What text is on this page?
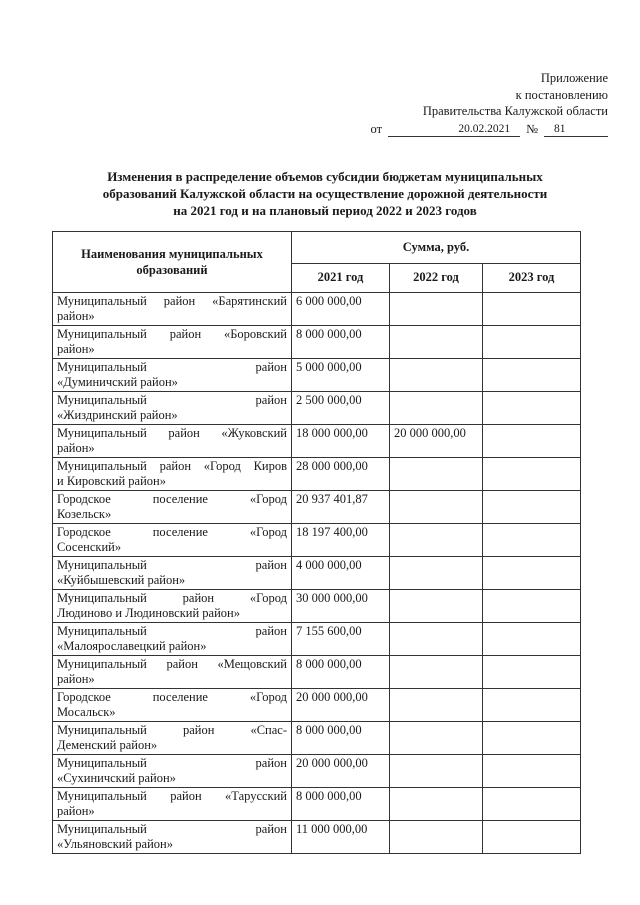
Приложение
к постановлению
Правительства Калужской области
от	20.02.2021	№	81
Изменения в распределение объемов субсидии бюджетам муниципальных
образований Калужской области на осуществление дорожной деятельности
на 2021 год и на плановый период 2022 и 2023 годов
Наименования муниципальных образований	Сумма, руб.		
	2021 год	2022 год	2023 год

Муниципальный район «Барятинский
район»	6 000 000,00		

Муниципальный район «Боровский
район»	8 000 000,00		

Муниципальный район
«Думиничский район»	5 000 000,00		

Муниципальный район
«Жиздринский район»	2 500 000,00		

Муниципальный район «Жуковский
район»	18 000 000,00	20 000 000,00	

Муниципальный район «Город Киров
и Кировский район»	28 000 000,00		

Городское поселение «Город
Козельск»	20 937 401,87		

Городское поселение «Город
Сосенский»	18 197 400,00		

Муниципальный район
«Куйбышевский район»	4 000 000,00		

Муниципальный район «Город
Людиново и Людиновский район»	30 000 000,00		

Муниципальный район
«Малоярославецкий район»	7 155 600,00		

Муниципальный район «Мещовский
район»	8 000 000,00		

Городское поселение «Город
Мосальск»	20 000 000,00		

Муниципальный район «Спас-
Деменский район»	8 000 000,00		

Муниципальный район
«Сухиничский район»	20 000 000,00		

Муниципальный район «Тарусский
район»	8 000 000,00		

Муниципальный район
«Ульяновский район»	11 000 000,00		
